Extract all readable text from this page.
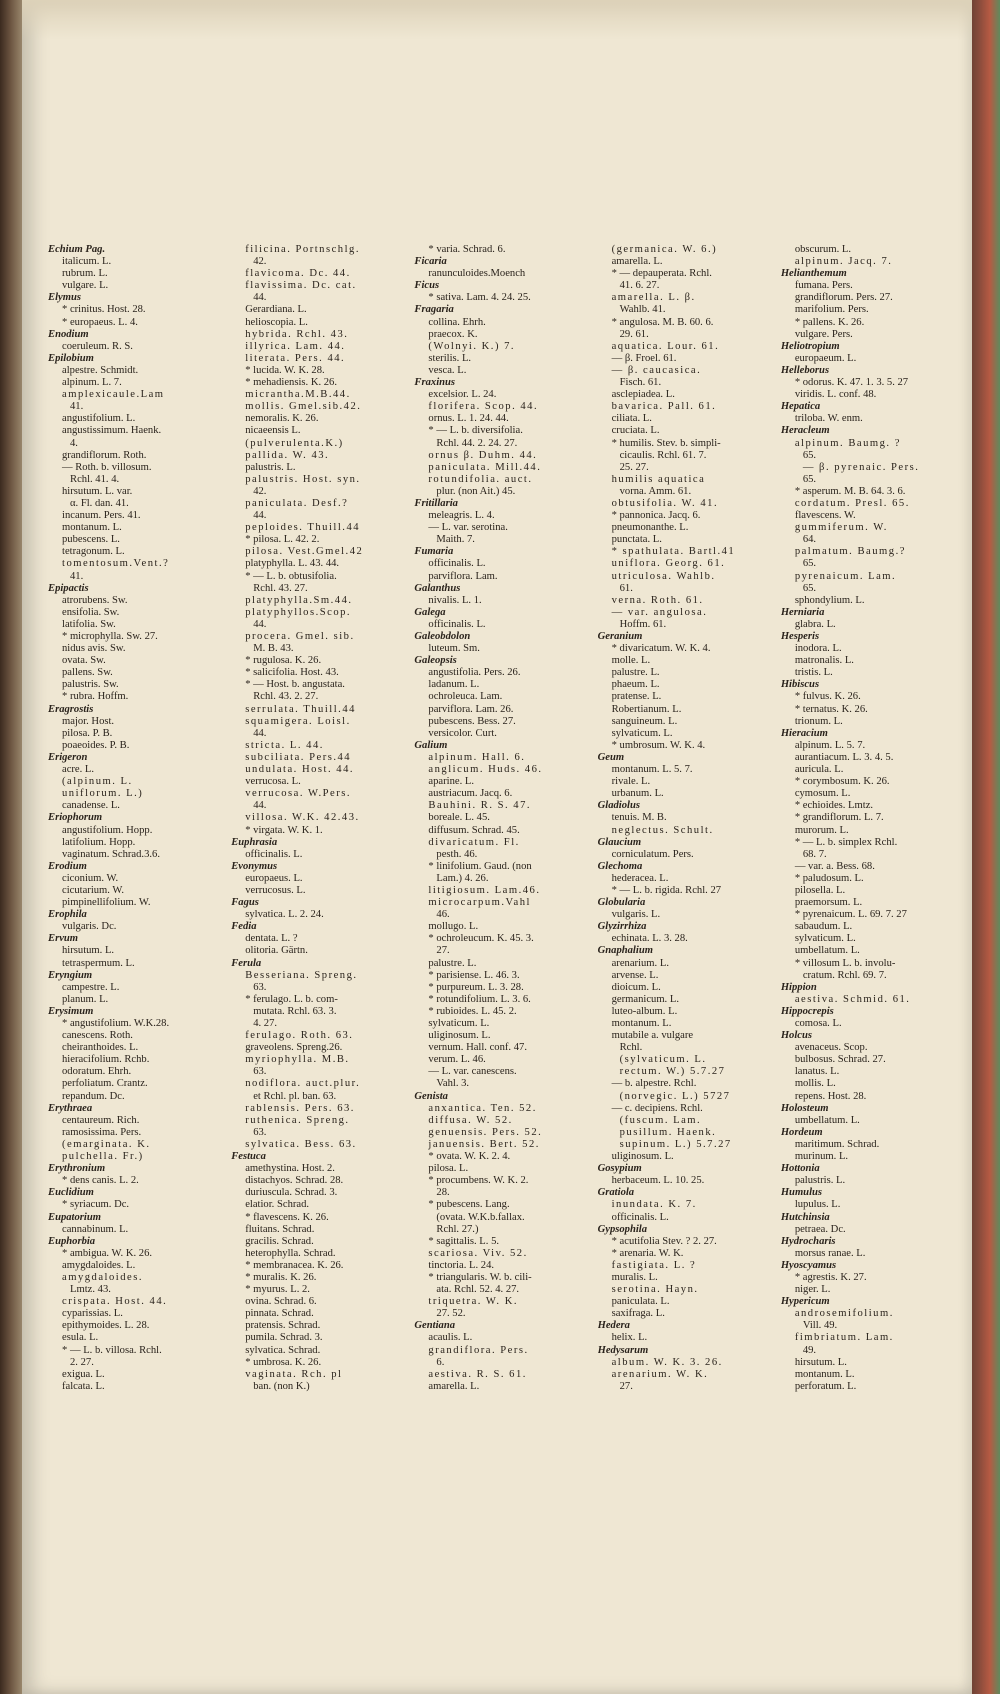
Echium Pag.
italicum. L.
rubrum. L.
vulgare. L.
Elymus
* crinitus. Host. 28.
* europaeus. L. 4.
Enodium
coeruleum. R. S.
Epilobium
alpestre. Schmidt.
alpinum. L. 7.
amplexicaule.Lam
41.
angustifolium. L.
angustissimum. Haenk.
4.
grandiflorum. Roth.
— Roth. b. villosum.
Rchl. 41. 4.
hirsutum. L. var.
α. Fl. dan. 41.
incanum. Pers. 41.
montanum. L.
pubescens. L.
tetragonum. L.
tomentosum.Vent.?
41.
Epipactis
atrorubens. Sw.
ensifolia. Sw.
latifolia. Sw.
* microphylla. Sw. 27.
nidus avis. Sw.
ovata. Sw.
pallens. Sw.
palustris. Sw.
* rubra. Hoffm.
Eragrostis
major. Host.
pilosa. P. B.
poaeoides. P. B.
Erigeron
acre. L.
(alpinum. L.
uniflorum. L.)
canadense. L.
Eriophorum
angustifolium. Hopp.
latifolium. Hopp.
vaginatum. Schrad.3.6.
Erodium
ciconium. W.
cicutarium. W.
pimpinellifolium. W.
Erophila
vulgaris. Dc.
Ervum
hirsutum. L.
tetraspermum. L.
Eryngium
campestre. L.
planum. L.
Erysimum
* angustifolium. W.K.28.
canescens. Roth.
cheiranthoides. L.
hieracifolium. Rchb.
odoratum. Ehrh.
perfoliatum. Crantz.
repandum. Dc.
Erythraea
centaureum. Rich.
ramosissima. Pers.
(emarginata. K.
pulchella. Fr.)
Erythronium
* dens canis. L. 2.
Euclidium
* syriacum. Dc.
Eupatorium
cannabinum. L.
Euphorbia
* ambigua. W. K. 26.
amygdaloides. L.
amygdaloides.
Lmtz. 43.
crispata. Host. 44.
cyparissias. L.
epithymoides. L. 28.
esula. L.
* — L. b. villosa. Rchl.
2. 27.
exigua. L.
falcata. L.
filicina. Portnschlg.
42.
flavicoma. Dc. 44.
flavissima. Dc. cat.
44.
Gerardiana. L.
helioscopia. L.
hybrida. Rchl. 43.
illyrica. Lam. 44.
literata. Pers. 44.
* lucida. W. K. 28.
* mehadiensis. K. 26.
micrantha.M.B.44.
mollis. Gmel.sib.42.
nemoralis. K. 26.
nicaeensis L.
(pulverulenta.K.)
pallida. W. 43.
palustris. L.
palustris. Host. syn.
42.
paniculata. Desf.?
44.
peploides. Thuill.44
* pilosa. L. 42. 2.
pilosa. Vest.Gmel.42
platyphylla. L. 43. 44.
* — L. b. obtusifolia.
Rchl. 43. 27.
platyphylla.Sm.44.
platyphyllos.Scop.
44.
procera. Gmel. sib.
M. B. 43.
* rugulosa. K. 26.
* salicifolia. Host. 43.
* — Host. b. angustata.
Rchl. 43. 2. 27.
serrulata. Thuill.44
squamigera. Loisl.
44.
stricta. L. 44.
subciliata. Pers.44
undulata. Host. 44.
verrucosa. L.
verrucosa. W.Pers.
44.
villosa. W.K. 42.43.
* virgata. W. K. 1.
Euphrasia
officinalis. L.
Evonymus
europaeus. L.
verrucosus. L.
Fagus
sylvatica. L. 2. 24.
Fedia
dentata. L. ?
olitoria. Gärtn.
Ferula
Besseriana. Spreng.
63.
* ferulago. L. b. com-
mutata. Rchl. 63. 3.
4. 27.
ferulago. Roth. 63.
graveolens. Spreng.26.
myriophylla. M.B.
63.
nodiflora. auct.plur.
et Rchl. pl. ban. 63.
rablensis. Pers. 63.
ruthenica. Spreng.
63.
sylvatica. Bess. 63.
Festuca
amethystina. Host. 2.
distachyos. Schrad. 28.
duriuscula. Schrad. 3.
elatior. Schrad.
* flavescens. K. 26.
fluitans. Schrad.
gracilis. Schrad.
heterophylla. Schrad.
* membranacea. K. 26.
* muralis. K. 26.
* myurus. L. 2.
ovina. Schrad. 6.
pinnata. Schrad.
pratensis. Schrad.
pumila. Schrad. 3.
sylvatica. Schrad.
* umbrosa. K. 26.
vaginata. Rch. pl
ban. (non K.)
* varia. Schrad. 6.
Ficaria
ranunculoides.Moench
Ficus
* sativa. Lam. 4. 24. 25.
Fragaria
collina. Ehrh.
praecox. K.
(Wolnyi. K.) 7.
sterilis. L.
vesca. L.
Fraxinus
excelsior. L. 24.
florifera. Scop. 44.
ornus. L. 1. 24. 44.
* — L. b. diversifolia.
Rchl. 44. 2. 24. 27.
ornus β. Duhm. 44.
paniculata. Mill.44.
rotundifolia. auct.
plur. (non Ait.) 45.
Fritillaria
meleagris. L. 4.
— L. var. serotina.
Maith. 7.
Fumaria
officinalis. L.
parviflora. Lam.
Galanthus
nivalis. L. 1.
Galega
officinalis. L.
Galeobdolon
luteum. Sm.
Galeopsis
angustifolia. Pers. 26.
ladanum. L.
ochroleuca. Lam.
parviflora. Lam. 26.
pubescens. Bess. 27.
versicolor. Curt.
Galium
alpinum. Hall. 6.
anglicum. Huds. 46.
aparine. L.
austriacum. Jacq. 6.
Bauhini. R. S. 47.
boreale. L. 45.
diffusum. Schrad. 45.
divaricatum. Fl.
pesth. 46.
* linifolium. Gaud. (non
Lam.) 4. 26.
litigiosum. Lam.46.
microcarpum.Vahl
46.
mollugo. L.
* ochroleucum. K. 45. 3.
27.
palustre. L.
* parisiense. L. 46. 3.
* purpureum. L. 3. 28.
* rotundifolium. L. 3. 6.
* rubioides. L. 45. 2.
sylvaticum. L.
uliginosum. L.
vernum. Hall. conf. 47.
verum. L. 46.
— L. var. canescens.
Vahl. 3.
Genista
anxantica. Ten. 52.
diffusa. W. 52.
genuensis. Pers. 52.
januensis. Bert. 52.
* ovata. W. K. 2. 4.
pilosa. L.
* procumbens. W. K. 2.
28.
* pubescens. Lang.
(ovata. W.K.b.fallax.
Rchl. 27.)
* sagittalis. L. 5.
scariosa. Viv. 52.
tinctoria. L. 24.
* triangularis. W. b. cili-
ata. Rchl. 52. 4. 27.
triquetra. W. K.
27. 52.
Gentiana
acaulis. L.
grandiflora. Pers.
6.
aestiva. R. S. 61.
amarella. L.
(germanica. W. 6.)
amarella. L.
* — depauperata. Rchl.
41. 6. 27.
amarella. L. β.
Wahlb. 41.
* angulosa. M. B. 60. 6.
29. 61.
aquatica. Lour. 61.
— β. Froel. 61.
— β. caucasica.
Fisch. 61.
asclepiadea. L.
bavarica. Pall. 61.
ciliata. L.
cruciata. L.
* humilis. Stev. b. simpli-
cicaulis. Rchl. 61. 7.
25. 27.
humilis aquatica
vorna. Amm. 61.
obtusifolia. W. 41.
* pannonica. Jacq. 6.
pneumonanthe. L.
punctata. L.
* spathulata. Bartl.41
uniflora. Georg. 61.
utriculosa. Wahlb.
61.
verna. Roth. 61.
— var. angulosa.
Hoffm. 61.
Geranium
* divaricatum. W. K. 4.
molle. L.
palustre. L.
phaeum. L.
pratense. L.
Robertianum. L.
sanguineum. L.
sylvaticum. L.
* umbrosum. W. K. 4.
Geum
montanum. L. 5. 7.
rivale. L.
urbanum. L.
Gladiolus
tenuis. M. B.
neglectus. Schult.
Glaucium
corniculatum. Pers.
Glechoma
hederacea. L.
* — L. b. rigida. Rchl. 27
Globularia
vulgaris. L.
Glyzirrhiza
echinata. L. 3. 28.
Gnaphalium
arenarium. L.
arvense. L.
dioicum. L.
germanicum. L.
luteo-album. L.
montanum. L.
mutabile a. vulgare
Rchl.
(sylvaticum. L.
rectum. W.) 5.7.27
— b. alpestre. Rchl.
(norvegic. L.) 5727
— c. decipiens. Rchl.
(fuscum. Lam.
pusillum. Haenk.
supinum. L.) 5.7.27
uliginosum. L.
Gosypium
herbaceum. L. 10. 25.
Gratiola
inundata. K. 7.
officinalis. L.
Gypsophila
* acutifolia Stev. ? 2. 27.
* arenaria. W. K.
fastigiata. L. ?
muralis. L.
serotina. Hayn.
paniculata. L.
saxifraga. L.
Hedera
helix. L.
Hedysarum
album. W. K. 3. 26.
arenarium. W. K.
27.
obscurum. L.
alpinum. Jacq. 7.
Helianthemum
fumana. Pers.
grandiflorum. Pers. 27.
marifolium. Pers.
* pallens. K. 26.
vulgare. Pers.
Heliotropium
europaeum. L.
Helleborus
* odorus. K. 47. 1. 3. 5. 27
viridis. L. conf. 48.
Hepatica
triloba. W. enm.
Heracleum
alpinum. Baumg. ?
65.
— β. pyrenaic. Pers.
65.
* asperum. M. B. 64. 3. 6.
cordatum. Presl. 65.
flavescens. W.
gummiferum. W.
64.
palmatum. Baumg.?
65.
pyrenaicum. Lam.
65.
sphondylium. L.
Herniaria
glabra. L.
Hesperis
inodora. L.
matronalis. L.
tristis. L.
Hibiscus
* fulvus. K. 26.
* ternatus. K. 26.
trionum. L.
Hieracium
alpinum. L. 5. 7.
aurantiacum. L. 3. 4. 5.
auricula. L.
* corymbosum. K. 26.
cymosum. L.
* echioides. Lmtz.
* grandiflorum. L. 7.
murorum. L.
* — L. b. simplex Rchl.
68. 7.
— var. a. Bess. 68.
* paludosum. L.
pilosella. L.
praemorsum. L.
* pyrenaicum. L. 69. 7. 27
sabaudum. L.
sylvaticum. L.
umbellatum. L.
* villosum L. b. involu-
cratum. Rchl. 69. 7.
Hippion
aestiva. Schmid. 61.
Hippocrepis
comosa. L.
Holcus
avenaceus. Scop.
bulbosus. Schrad. 27.
lanatus. L.
mollis. L.
repens. Host. 28.
Holosteum
umbellatum. L.
Hordeum
maritimum. Schrad.
murinum. L.
Hottonia
palustris. L.
Humulus
lupulus. L.
Hutchinsia
petraea. Dc.
Hydrocharis
morsus ranae. L.
Hyoscyamus
* agrestis. K. 27.
niger. L.
Hypericum
androsemifolium.
Vill. 49.
fimbriatum. Lam.
49.
hirsutum. L.
montanum. L.
perforatum. L.
